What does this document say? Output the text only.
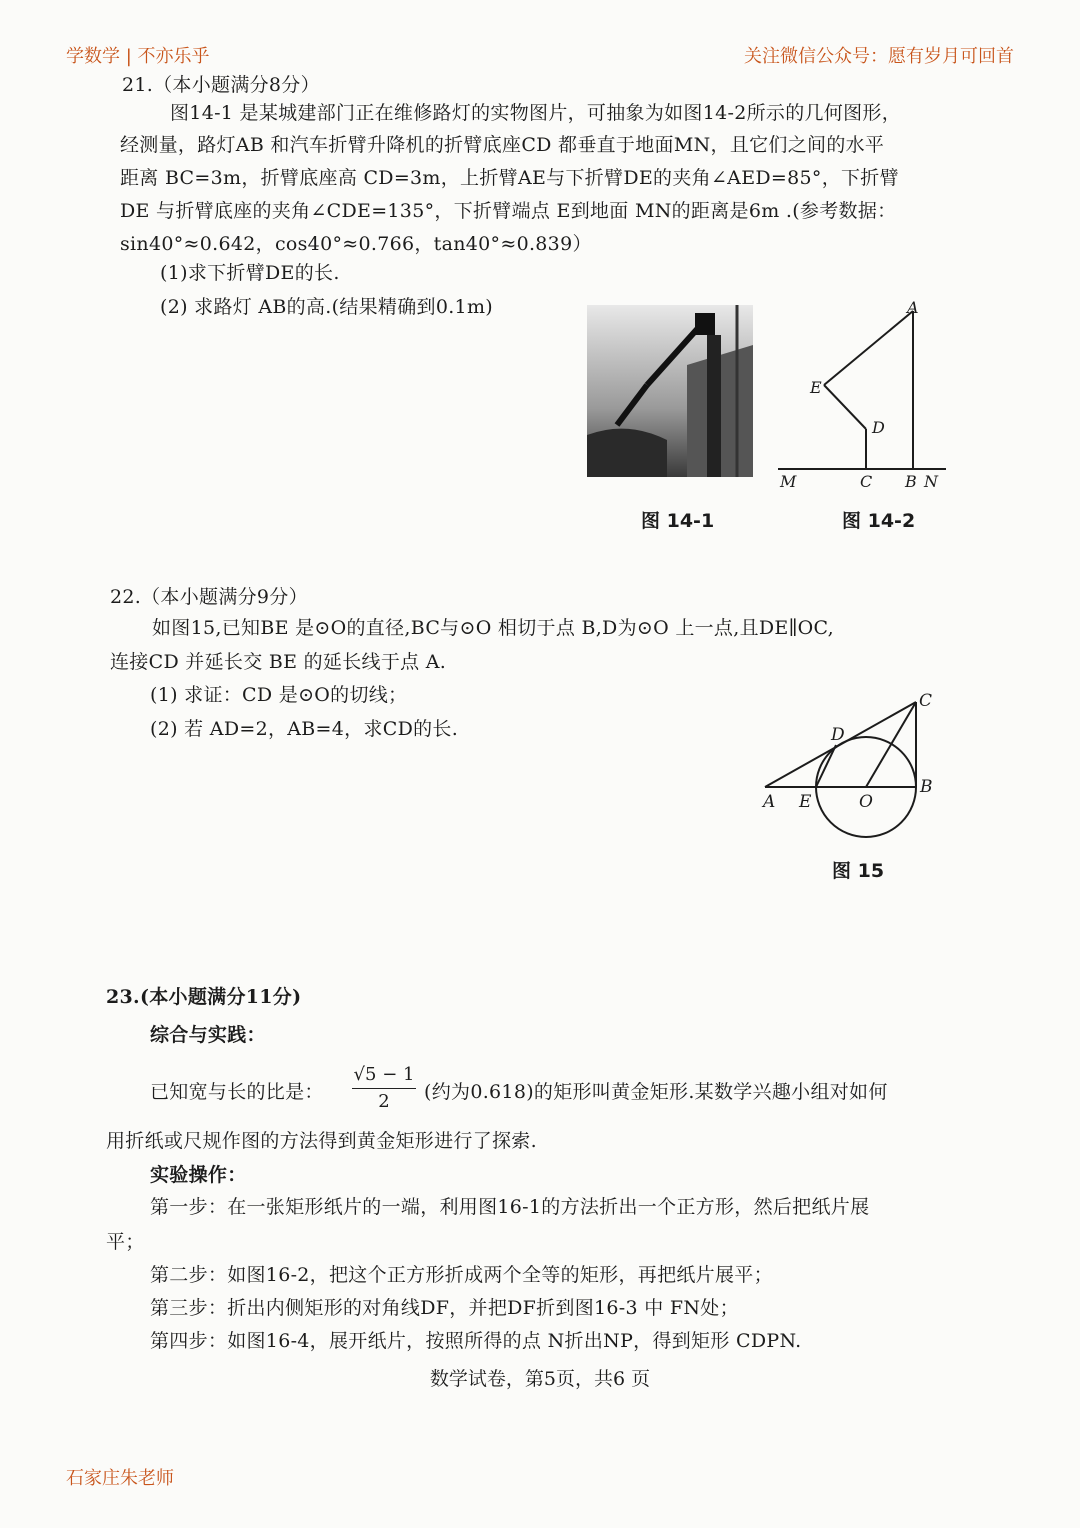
学数学 | 不亦乐乎	关注微信公众号：愿有岁月可回首
21.（本小题满分8分）
图14-1 是某城建部门正在维修路灯的实物图片，可抽象为如图14-2所示的几何图形，
经测量，路灯AB 和汽车折臂升降机的折臂底座CD 都垂直于地面MN，且它们之间的水平
距离 BC=3m，折臂底座高 CD=3m，上折臂AE与下折臂DE的夹角∠AED=85°，下折臂
DE 与折臂底座的夹角∠CDE=135°，下折臂端点 E到地面 MN的距离是6m .(参考数据：
sin40°≈0.642，cos40°≈0.766，tan40°≈0.839）
(1)求下折臂DE的长.
(2) 求路灯 AB的高.(结果精确到0.1m)
图 14-1
A
E
D
M	C B N
图 14-2
22.（本小题满分9分）
如图15,已知BE 是⊙O的直径,BC与⊙O 相切于点 B,D为⊙O 上一点,且DE∥OC,
连接CD 并延长交 BE 的延长线于点 A.
(1) 求证：CD 是⊙O的切线；
(2) 若 AD=2，AB=4，求CD的长.
C
D
A E	O
B
图 15
23.(本小题满分11分)
综合与实践：
已知宽与长的比是： $\frac{√5 - 1}{2}$ (约为0.618)的矩形叫黄金矩形.某数学兴趣小组对如何
用折纸或尺规作图的方法得到黄金矩形进行了探索.
实验操作：
第一步：在一张矩形纸片的一端，利用图16-1的方法折出一个正方形，然后把纸片展
平；
第二步：如图16-2，把这个正方形折成两个全等的矩形，再把纸片展平；
第三步：折出内侧矩形的对角线DF，并把DF折到图16-3 中 FN处；
第四步：如图16-4，展开纸片，按照所得的点 N折出NP，得到矩形 CDPN.
数学试卷，第5页，共6 页
石家庄朱老师
